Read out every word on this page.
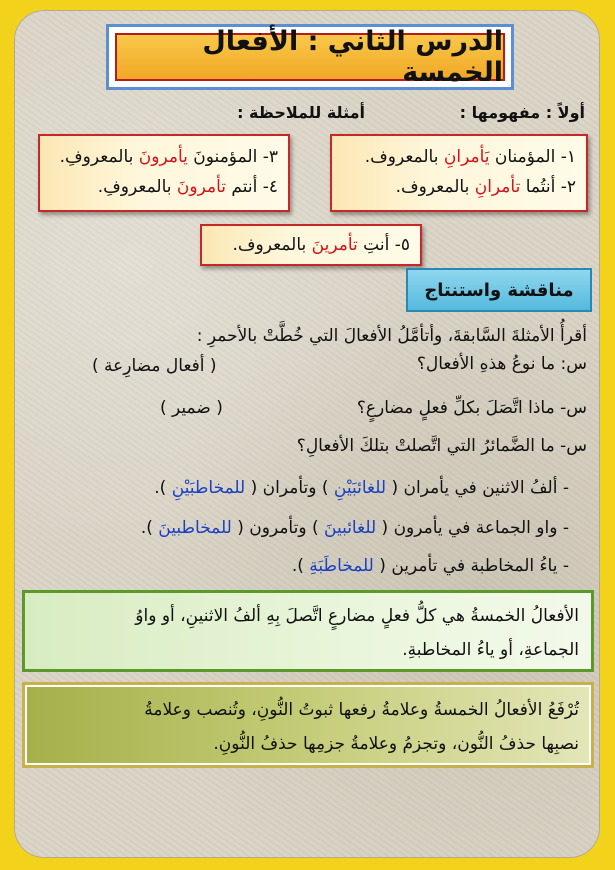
الدرس الثاني : الأفعال الخمسة
أولاً : مفهومها :
أمثلة للملاحظة :
١- المؤمنان يَأمرانِ بالمعروف.
٢- أنتُما تأمرانِ بالمعروف.
٣- المؤمنونَ يأمرونَ بالمعروفِ.
٤- أنتم تأمرونَ بالمعروفِ.
٥- أنتِ تأمرينَ بالمعروف.
مناقشة واستنتاج
أقرأُ الأمثلةَ السَّابقةَ، وأتأمَّلُ الأفعالَ التي خُطَّتْ بالأحمرِ :
س: ما نوعُ هذهِ الأفعال؟
( أفعال مضارِعة )
س- ماذا اتَّصَلَ بكلِّ فعلٍ مضارعٍ؟
( ضمير )
س- ما الضَّمائرُ التي اتَّصلتْ بتلكَ الأفعالِ؟
- ألفُ الاثنين في يأمران ( للغائبَيْنِ ) وتأمران ( للمخاطبَيْنِ ).
- واو الجماعة في يأمرون ( للغائبينَ ) وتأمرون ( للمخاطبينَ ).
- ياءُ المخاطبة في تأمرين ( للمخاطَبَةِ ).
الأفعالُ الخمسةُ هي كلُّ فعلٍ مضارعٍ اتَّصلَ بِهِ ألفُ الاثنينِ، أو واوُ
الجماعةِ، أو ياءُ المخاطبةِ.
تُرْفَعُ الأفعالُ الخمسةُ وعلامةُ رفعها ثبوتُ النُّونِ، وتُنصب وعلامةُ
نصبِها حذفُ النُّون، وتجزمُ وعلامةُ جزمِها حذفُ النُّونِ.
